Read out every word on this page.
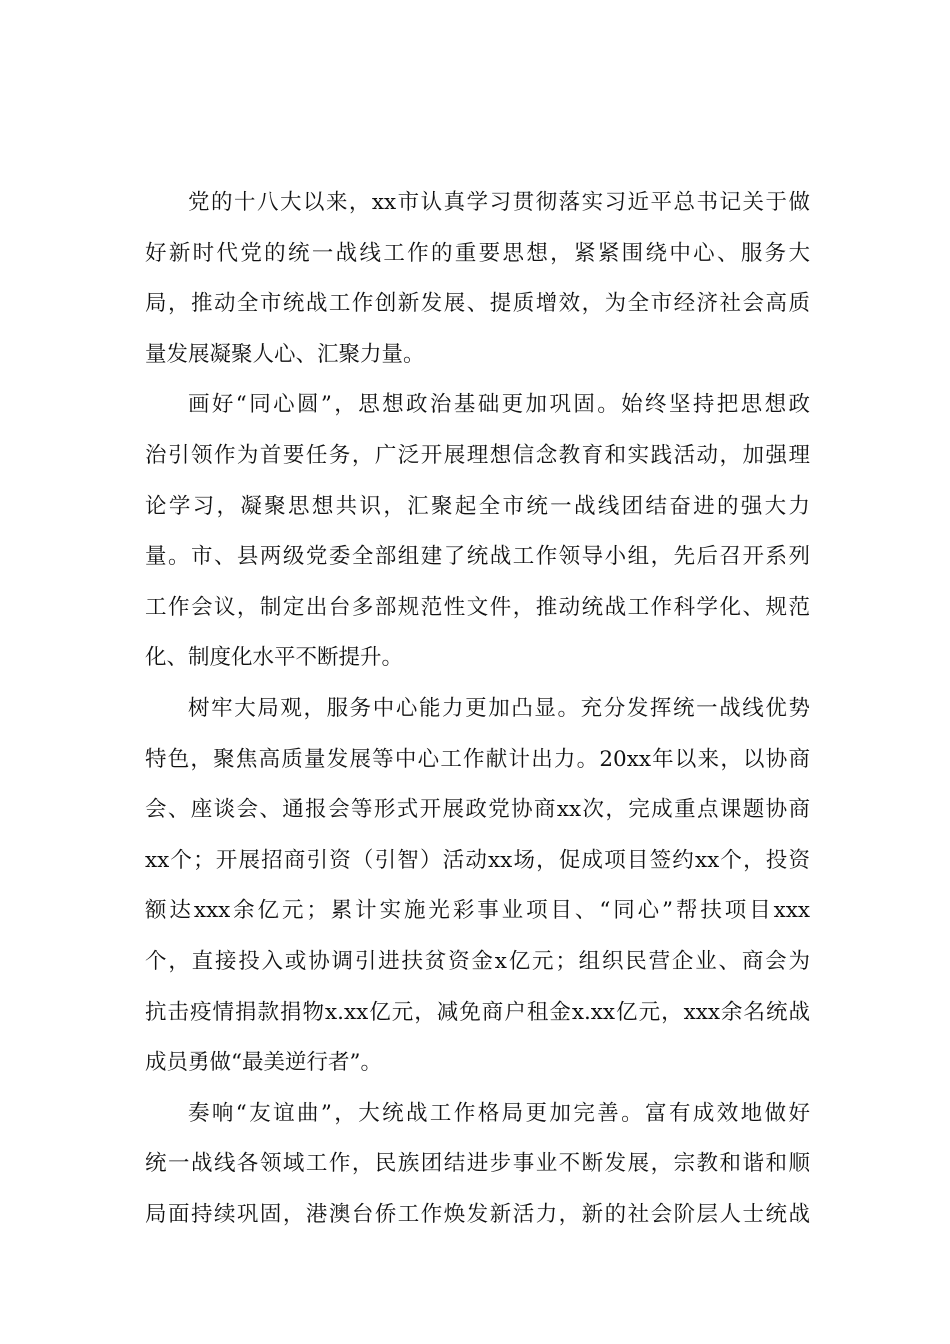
党的十八大以来，xx市认真学习贯彻落实习近平总书记关于做
好新时代党的统一战线工作的重要思想，紧紧围绕中心、服务大
局，推动全市统战工作创新发展、提质增效，为全市经济社会高质
量发展凝聚人心、汇聚力量。
画好“同心圆”，思想政治基础更加巩固。始终坚持把思想政
治引领作为首要任务，广泛开展理想信念教育和实践活动，加强理
论学习，凝聚思想共识，汇聚起全市统一战线团结奋进的强大力
量。市、县两级党委全部组建了统战工作领导小组，先后召开系列
工作会议，制定出台多部规范性文件，推动统战工作科学化、规范
化、制度化水平不断提升。
树牢大局观，服务中心能力更加凸显。充分发挥统一战线优势
特色，聚焦高质量发展等中心工作献计出力。20xx年以来，以协商
会、座谈会、通报会等形式开展政党协商xx次，完成重点课题协商
xx个；开展招商引资（引智）活动xx场，促成项目签约xx个，投资
额达xxx余亿元；累计实施光彩事业项目、“同心”帮扶项目xxx
个，直接投入或协调引进扶贫资金x亿元；组织民营企业、商会为
抗击疫情捐款捐物x.xx亿元，减免商户租金x.xx亿元，xxx余名统战
成员勇做“最美逆行者”。
奏响“友谊曲”，大统战工作格局更加完善。富有成效地做好
统一战线各领域工作，民族团结进步事业不断发展，宗教和谐和顺
局面持续巩固，港澳台侨工作焕发新活力，新的社会阶层人士统战
